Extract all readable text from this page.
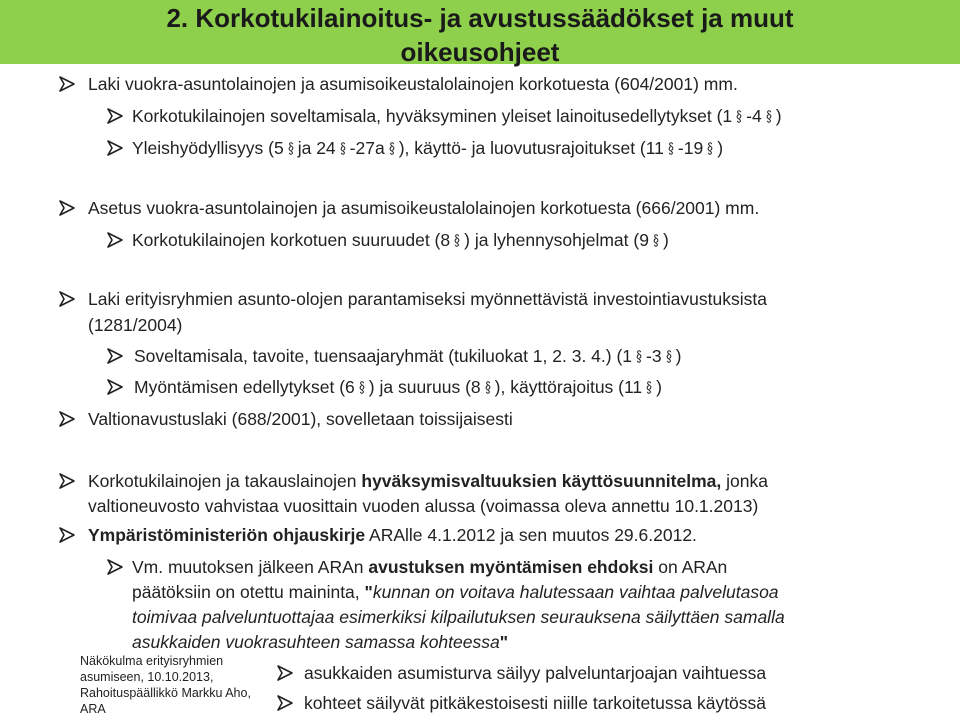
2. Korkotukilainoitus- ja avustussäädökset ja muut
oikeusohjeet
Laki vuokra-asuntolainojen ja asumisoikeustalolainojen korkotuesta (604/2001) mm.
Korkotukilainojen soveltamisala, hyväksyminen yleiset lainoitusedellytykset (1 -4 )
Yleishyödyllisyys (5 ja 24 -27a ), käyttö- ja luovutusrajoitukset (11 -19 )
Asetus vuokra-asuntolainojen ja asumisoikeustalolainojen korkotuesta (666/2001) mm.
Korkotukilainojen korkotuen suuruudet (8 ) ja lyhennysohjelmat (9 )
Laki erityisryhmien asunto-olojen parantamiseksi myönnettävistä investointiavustuksista
(1281/2004)
Soveltamisala, tavoite, tuensaajaryhmät (tukiluokat 1, 2. 3. 4.) (1 -3 )
Myöntämisen edellytykset (6 ) ja suuruus (8 ), käyttörajoitus (11 )
Valtionavustuslaki (688/2001), sovelletaan toissijaisesti
Korkotukilainojen ja takauslainojen hyväksymisvaltuuksien käyttösuunnitelma, jonka
valtioneuvosto vahvistaa vuosittain vuoden alussa (voimassa oleva annettu 10.1.2013)
Ympäristöministeriön ohjauskirje ARAlle 4.1.2012 ja sen muutos 29.6.2012.
Vm. muutoksen jälkeen ARAn avustuksen myöntämisen ehdoksi on ARAn
päätöksiin on otettu maininta, "kunnan on voitava halutessaan vaihtaa palvelutasoa
toimivaa palveluntuottajaa esimerkiksi kilpailutuksen seurauksena säilyttäen samalla
asukkaiden vuokrasuhteen samassa kohteessa"
asukkaiden asumisturva säilyy palveluntarjoajan vaihtuessa
kohteet säilyvät pitkäkestoisesti niille tarkoitetussa käytössä
Näkökulma erityisryhmien
asumiseen, 10.10.2013,
Rahoituspäällikkö Markku Aho,
ARA
